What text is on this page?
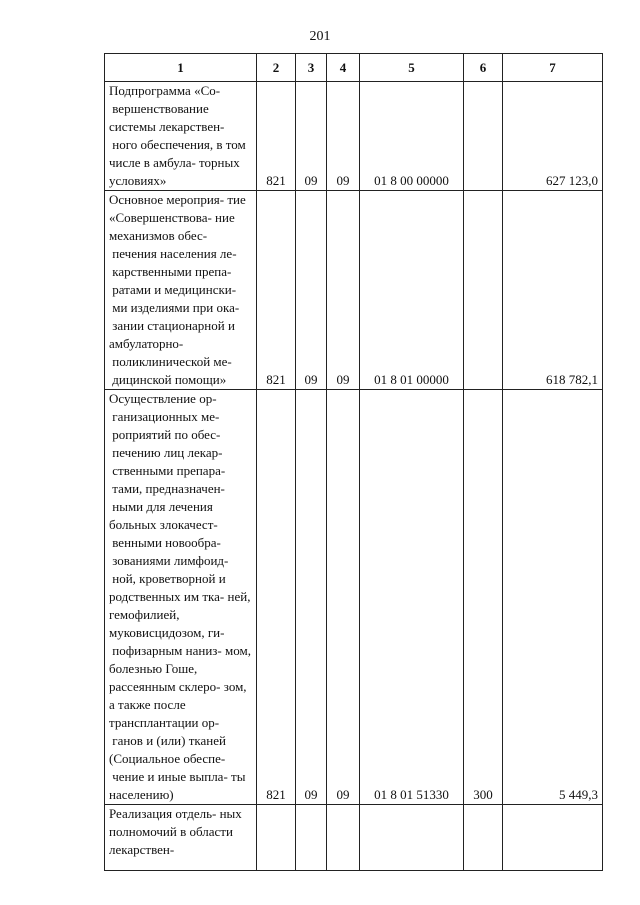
201
1	2	3	4	5	6	7

Подпрограмма «Со- вершенствование системы лекарствен- ного обеспечения, в том числе в амбула- торных условиях»	821	09	09	01 8 00 00000		627 123,0

Основное мероприя- тие «Совершенствова- ние механизмов обес- печения населения ле- карственными препа- ратами и медицински- ми изделиями при ока- зании стационарной и амбулаторно- поликлинической ме- дицинской помощи»	821	09	09	01 8 01 00000		618 782,1

Осуществление ор- ганизационных ме- роприятий по обес- печению лиц лекар- ственными препара- тами, предназначен- ными для лечения больных злокачест- венными новообра- зованиями лимфоид- ной, кроветворной и родственных им тка- ней, гемофилией, муковисцидозом, ги- пофизарным наниз- мом, болезнью Гоше, рассеянным склеро- зом, а также после трансплантации ор- ганов и (или) тканей (Социальное обеспе- чение и иные выпла- ты населению)	821	09	09	01 8 01 51330	300	5 449,3

Реализация отдель- ных полномочий в области лекарствен-						
